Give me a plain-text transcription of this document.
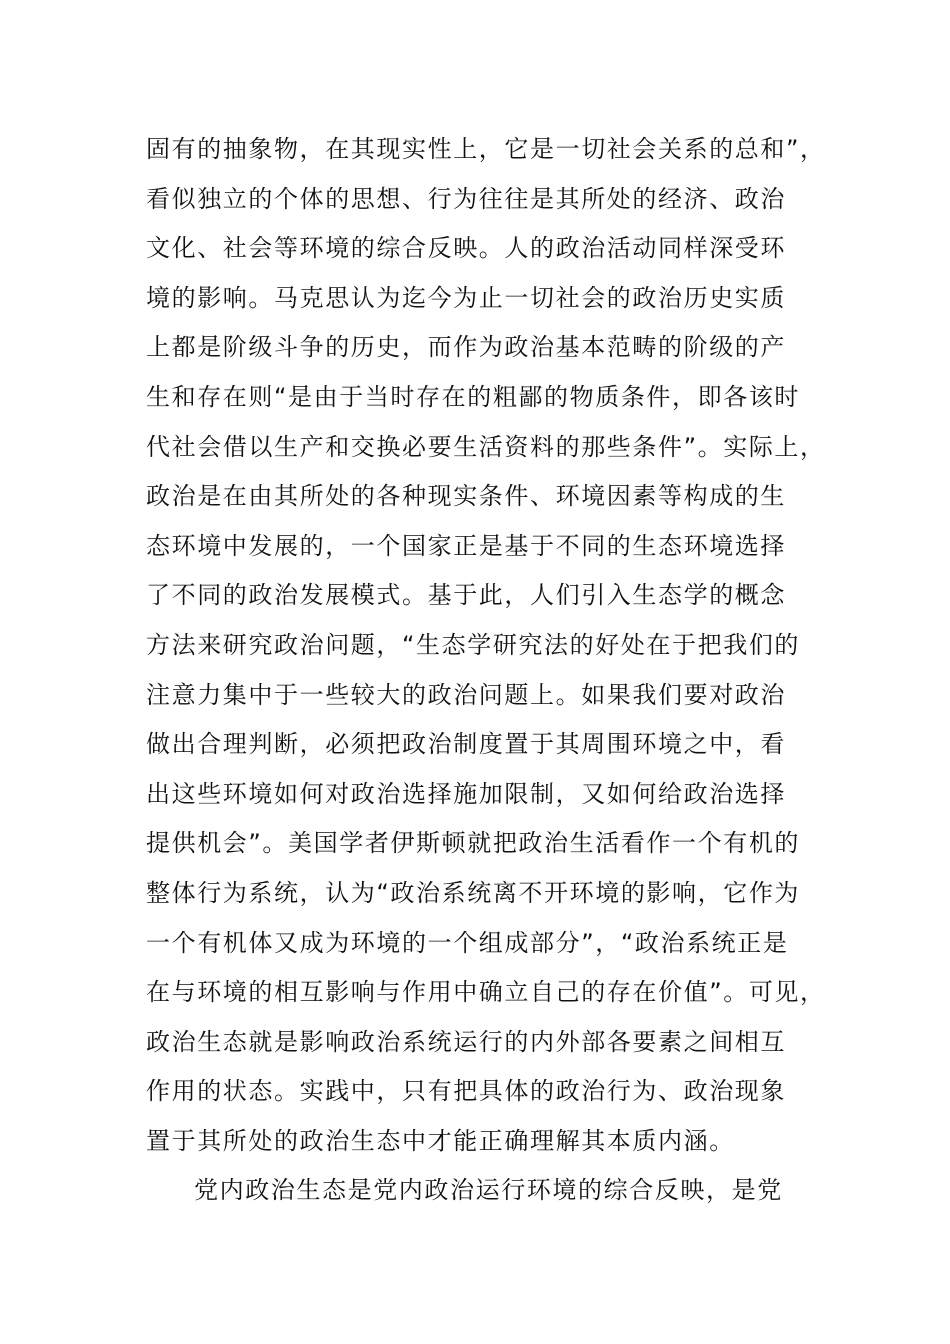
固有的抽象物，在其现实性上，它是一切社会关系的总和”，
看似独立的个体的思想、行为往往是其所处的经济、政治
文化、社会等环境的综合反映。人的政治活动同样深受环
境的影响。马克思认为迄今为止一切社会的政治历史实质
上都是阶级斗争的历史，而作为政治基本范畴的阶级的产
生和存在则“是由于当时存在的粗鄙的物质条件，即各该时
代社会借以生产和交换必要生活资料的那些条件”。实际上，
政治是在由其所处的各种现实条件、环境因素等构成的生
态环境中发展的，一个国家正是基于不同的生态环境选择
了不同的政治发展模式。基于此，人们引入生态学的概念
方法来研究政治问题，“生态学研究法的好处在于把我们的
注意力集中于一些较大的政治问题上。如果我们要对政治
做出合理判断，必须把政治制度置于其周围环境之中，看
出这些环境如何对政治选择施加限制，又如何给政治选择
提供机会”。美国学者伊斯顿就把政治生活看作一个有机的
整体行为系统，认为“政治系统离不开环境的影响，它作为
一个有机体又成为环境的一个组成部分”，“政治系统正是
在与环境的相互影响与作用中确立自己的存在价值”。可见，
政治生态就是影响政治系统运行的内外部各要素之间相互
作用的状态。实践中，只有把具体的政治行为、政治现象
置于其所处的政治生态中才能正确理解其本质内涵。
党内政治生态是党内政治运行环境的综合反映，是党
